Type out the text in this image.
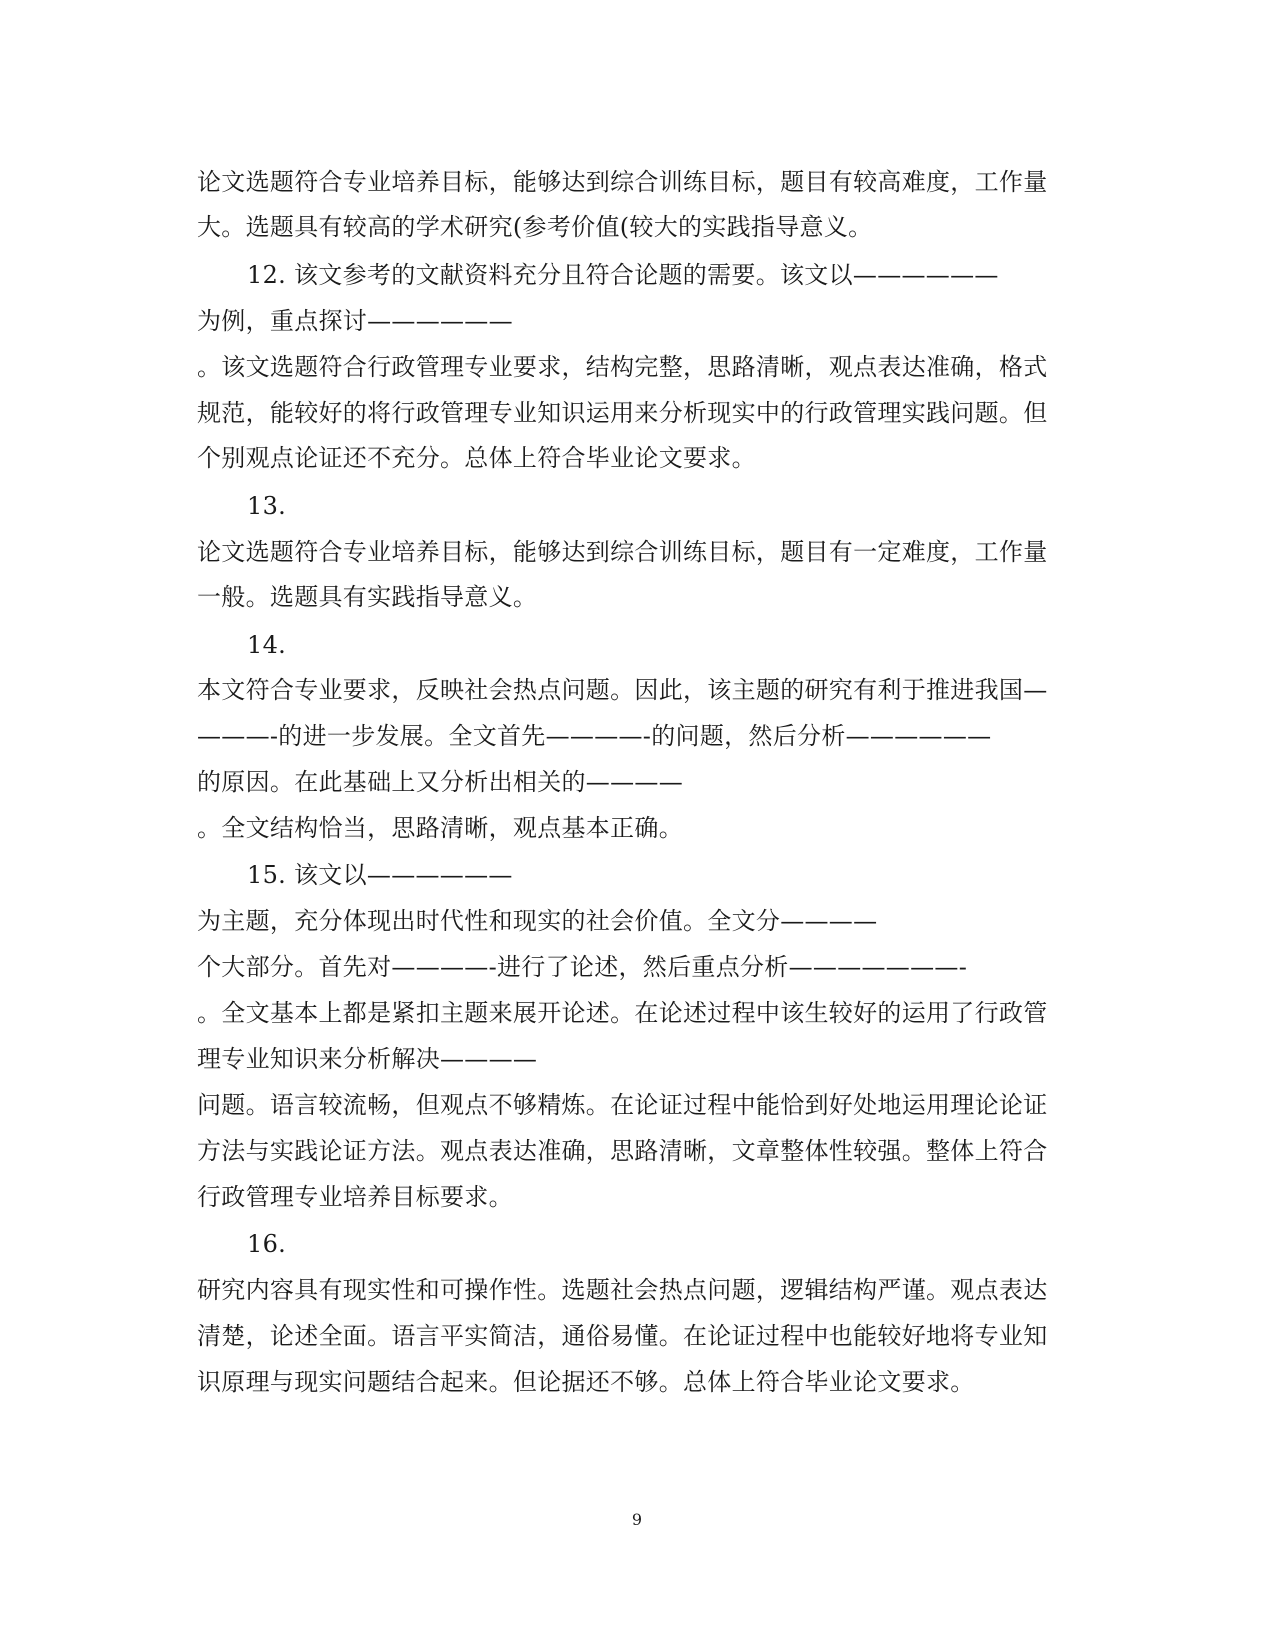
论文选题符合专业培养目标，能够达到综合训练目标，题目有较高难度，工作量
大。选题具有较高的学术研究(参考价值(较大的实践指导意义。
12. 该文参考的文献资料充分且符合论题的需要。该文以——————
为例，重点探讨——————
。该文选题符合行政管理专业要求，结构完整，思路清晰，观点表达准确，格式
规范，能较好的将行政管理专业知识运用来分析现实中的行政管理实践问题。但
个别观点论证还不充分。总体上符合毕业论文要求。
13.
论文选题符合专业培养目标，能够达到综合训练目标，题目有一定难度，工作量
一般。选题具有实践指导意义。
14.
本文符合专业要求，反映社会热点问题。因此，该主题的研究有利于推进我国—
———-的进一步发展。全文首先————-的问题，然后分析——————
的原因。在此基础上又分析出相关的————
。全文结构恰当，思路清晰，观点基本正确。
15. 该文以——————
为主题，充分体现出时代性和现实的社会价值。全文分————
个大部分。首先对————-进行了论述，然后重点分析———————-
。全文基本上都是紧扣主题来展开论述。在论述过程中该生较好的运用了行政管
理专业知识来分析解决————
问题。语言较流畅，但观点不够精炼。在论证过程中能恰到好处地运用理论论证
方法与实践论证方法。观点表达准确，思路清晰，文章整体性较强。整体上符合
行政管理专业培养目标要求。
16.
研究内容具有现实性和可操作性。选题社会热点问题，逻辑结构严谨。观点表达
清楚，论述全面。语言平实简洁，通俗易懂。在论证过程中也能较好地将专业知
识原理与现实问题结合起来。但论据还不够。总体上符合毕业论文要求。
9
